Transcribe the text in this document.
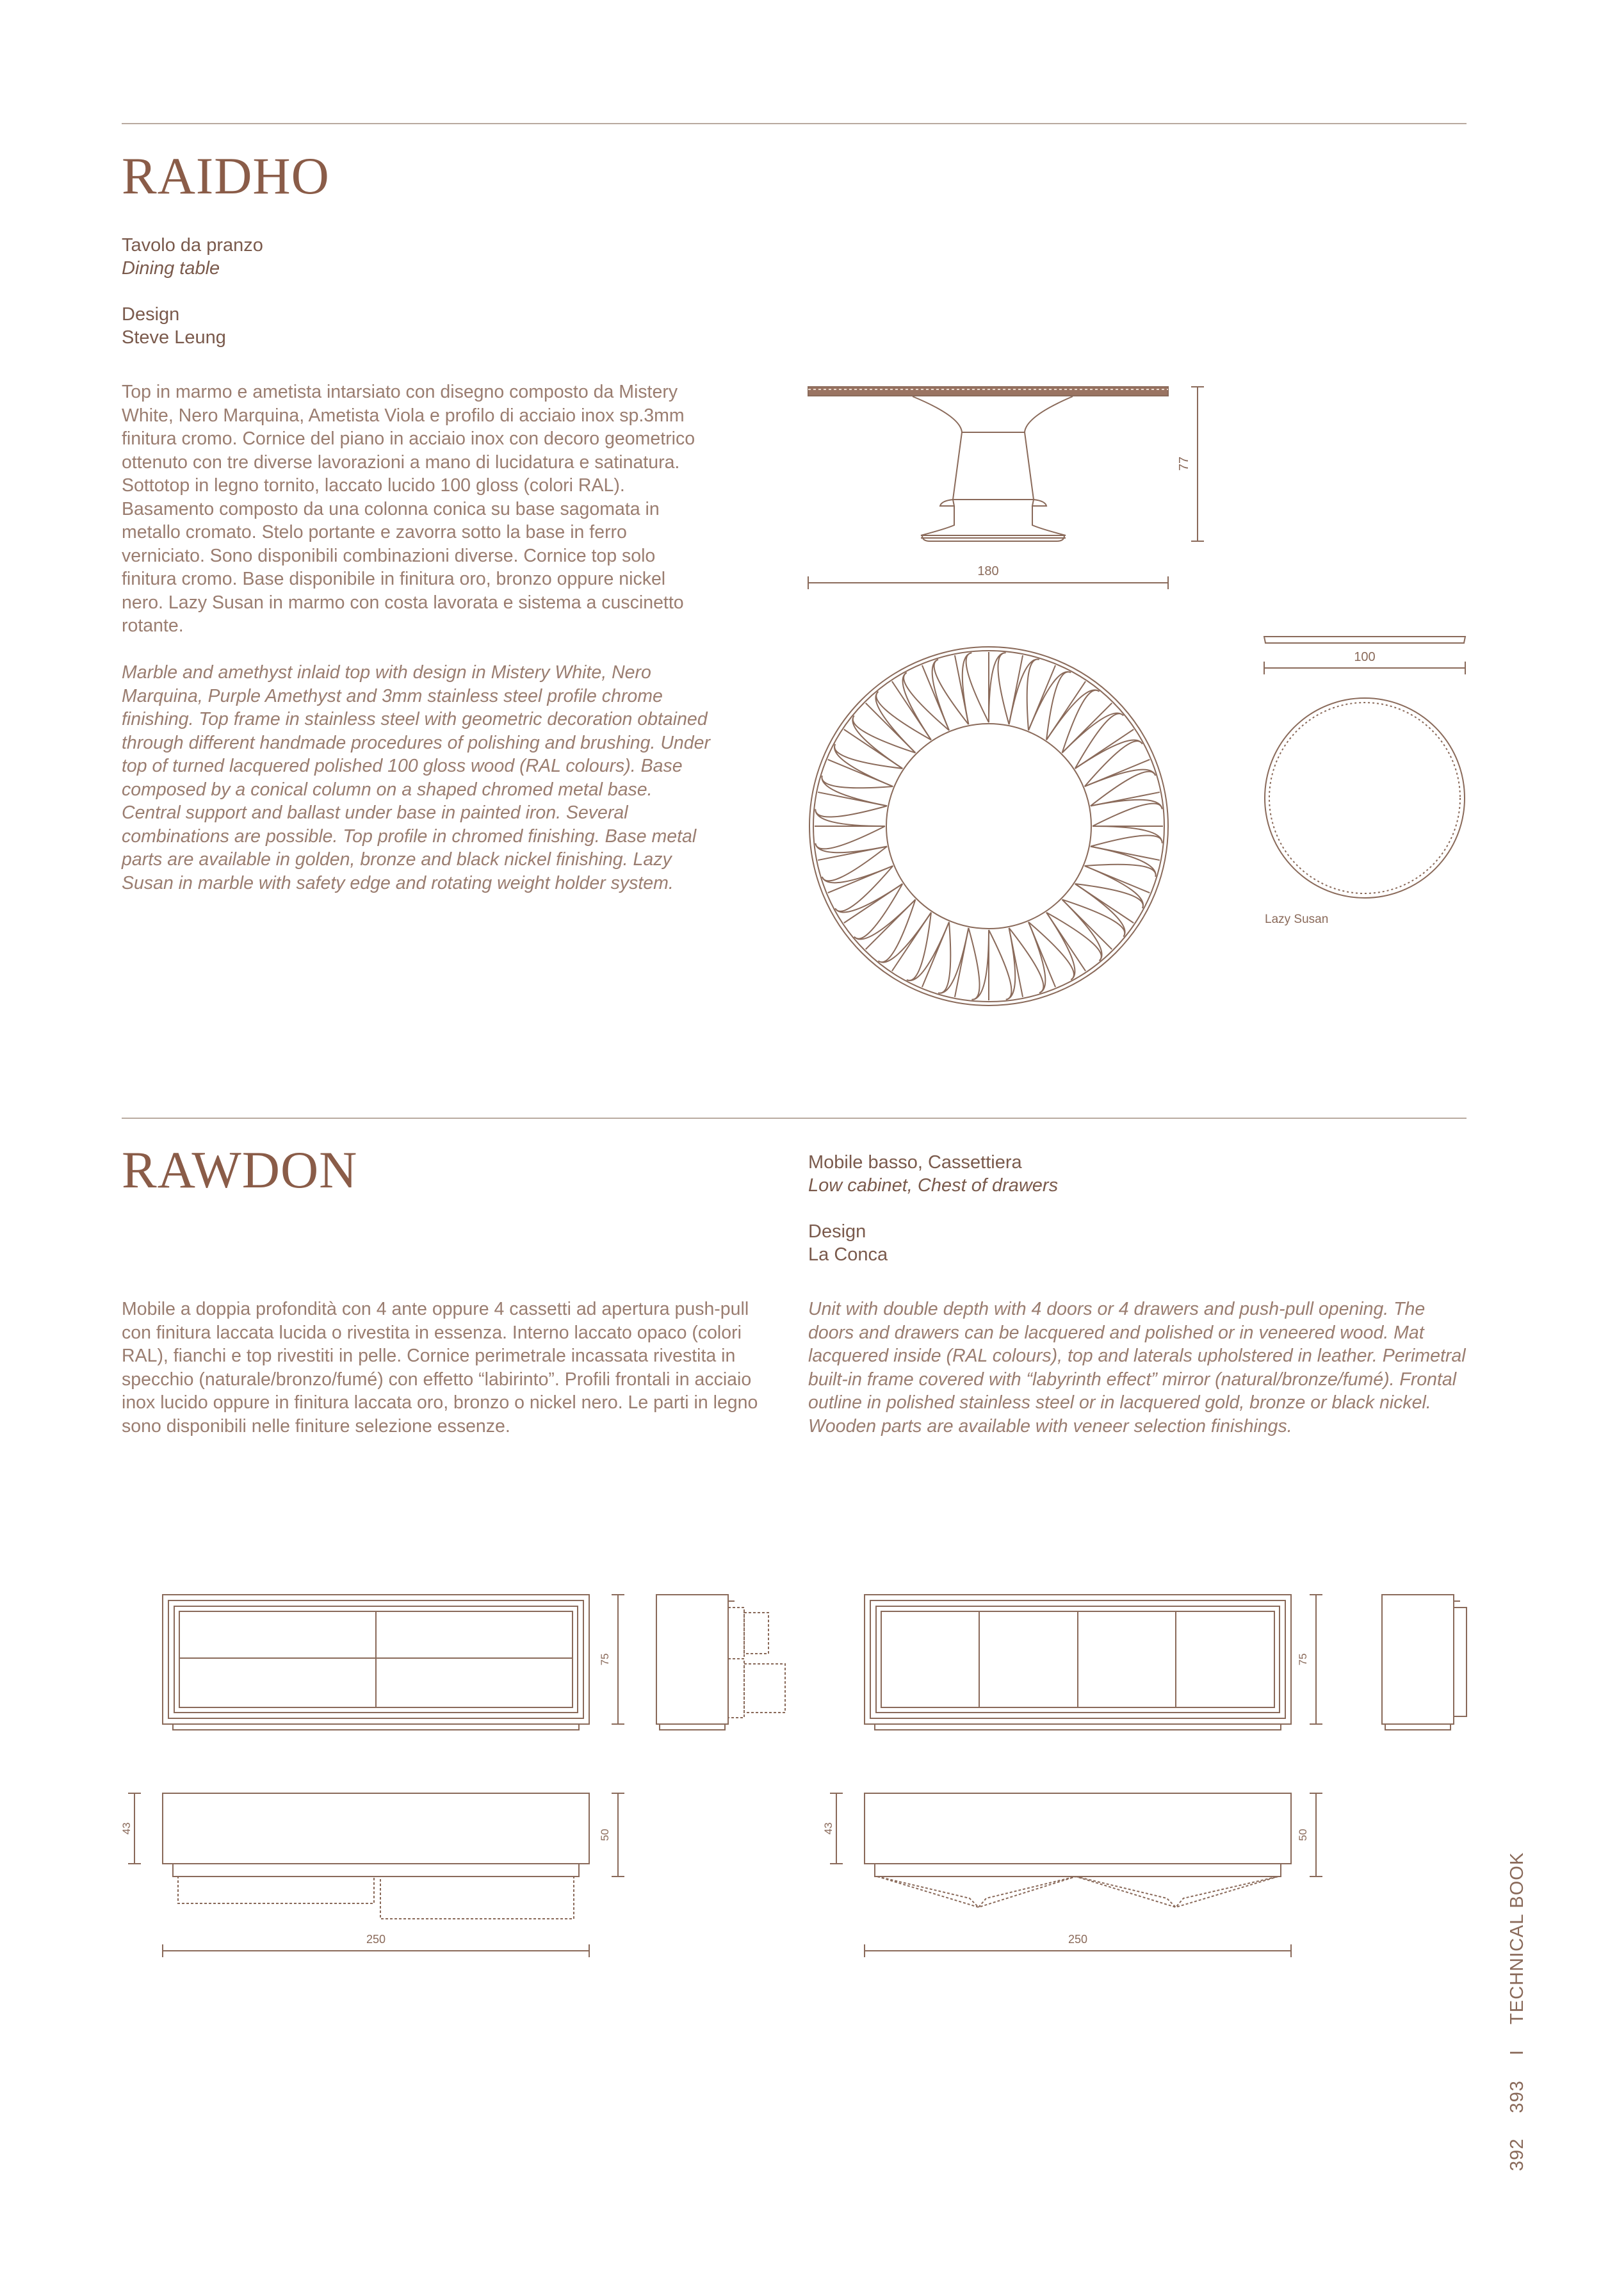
RAIDHO
Tavolo da pranzo
Dining table
Design
Steve Leung

Top in marmo e ametista intarsiato con disegno composto da Mistery White, Nero Marquina, Ametista Viola e profilo di acciaio inox sp.3mm finitura cromo. Cornice del piano in acciaio inox con decoro geometrico ottenuto con tre diverse lavorazioni a mano di lucidatura e satinatura. Sottotop in legno tornito, laccato lucido 100 gloss (colori RAL). Basamento composto da una colonna conica su base sagomata in metallo cromato. Stelo portante e zavorra sotto la base in ferro verniciato. Sono disponibili combinazioni diverse. Cornice top solo finitura cromo. Base disponibile in finitura oro, bronzo oppure nickel nero. Lazy Susan in marmo con costa lavorata e sistema a cuscinetto rotante.

Marble and amethyst inlaid top with design in Mistery White, Nero Marquina, Purple Amethyst and 3mm stainless steel profile chrome finishing. Top frame in stainless steel with geometric decoration obtained through different handmade procedures of polishing and brushing. Under top of turned lacquered polished 100 gloss wood (RAL colours). Base composed by a conical column on a shaped chromed metal base. Central support and ballast under base in painted iron. Several combinations are possible. Top profile in chromed finishing. Base metal parts are available in golden, bronze and black nickel finishing. Lazy Susan in marble with safety edge and rotating weight holder system.

RAWDON	Mobile basso, Cassettiera
Low cabinet, Chest of drawers
Design
La Conca

Mobile a doppia profondità con 4 ante oppure 4 cassetti ad apertura push-pull con finitura laccata lucida o rivestita in essenza. Interno laccato opaco (colori RAL), fianchi e top rivestiti in pelle. Cornice perimetrale incassata rivestita in specchio (naturale/bronzo/fumé) con effetto “labirinto”. Profili frontali in acciaio inox lucido oppure in finitura laccata oro, bronzo o nickel nero. Le parti in legno sono disponibili nelle finiture selezione essenze.

Unit with double depth with 4 doors or 4 drawers and push-pull opening. The doors and drawers can be lacquered and polished or in veneered wood. Mat lacquered inside (RAL colours), top and laterals upholstered in leather. Perimetral built-in frame covered with “labyrinth effect” mirror (natural/bronze/fumé). Frontal outline in polished stainless steel or in lacquered gold, bronze or black nickel. Wooden parts are available with veneer selection finishings.

77
180
100
Lazy Susan
75
43
50
250
75
43
50
250
392 393 I TECHNICAL BOOK
